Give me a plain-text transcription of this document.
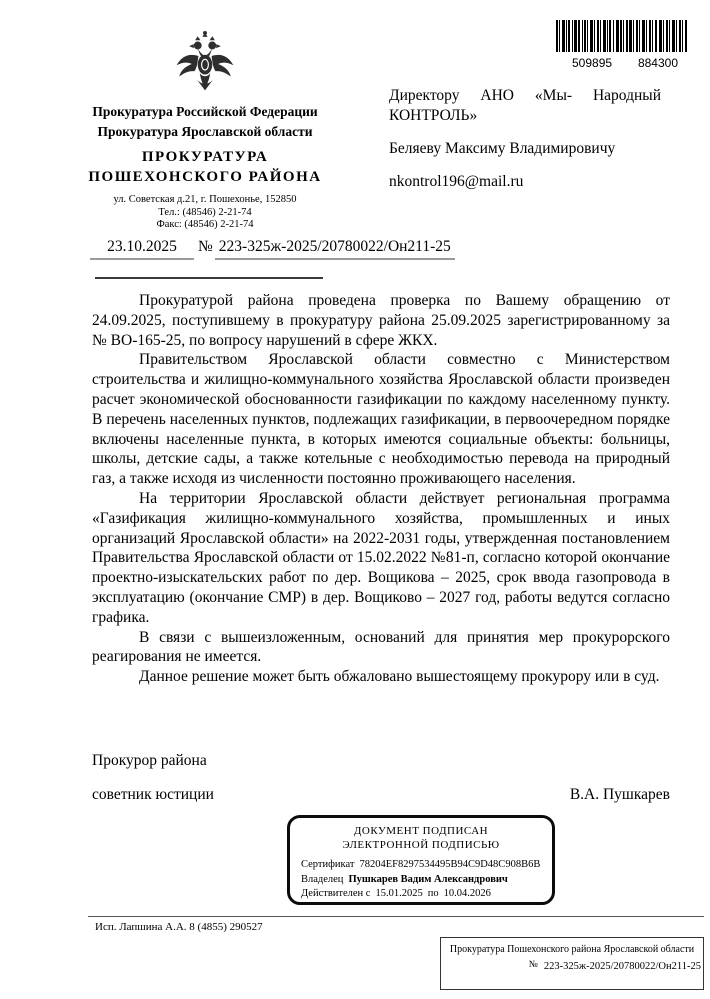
Прокуратура Российской Федерации
Прокуратура Ярославской области
ПРОКУРАТУРА
ПОШЕХОНСКОГО РАЙОНА
ул. Советская д.21, г. Пошехонье, 152850
Тел.: (48546) 2-21-74
Факс: (48546) 2-21-74
509895 884300

Директору АНО «Мы- Народный КОНТРОЛЬ»

Беляеву Максиму Владимировичу

nkontrol196@mail.ru

23.10.2025 № 223-325ж-2025/20780022/Он211-25

Прокуратурой района проведена проверка по Вашему обращению от 24.09.2025, поступившему в прокуратуру района 25.09.2025 зарегистрированному за № ВО-165-25, по вопросу нарушений в сфере ЖКХ.

Правительством Ярославской области совместно с Министерством строительства и жилищно-коммунального хозяйства Ярославской области произведен расчет экономической обоснованности газификации по каждому населенному пункту. В перечень населенных пунктов, подлежащих газификации, в первоочередном порядке включены населенные пункта, в которых имеются социальные объекты: больницы, школы, детские сады, а также котельные с необходимостью перевода на природный газ, а также исходя из численности постоянно проживающего населения.

На территории Ярославской области действует региональная программа «Газификация жилищно-коммунального хозяйства, промышленных и иных организаций Ярославской области» на 2022-2031 годы, утвержденная постановлением Правительства Ярославской области от 15.02.2022 №81-п, согласно которой окончание проектно-изыскательских работ по дер. Вощикова – 2025, срок ввода газопровода в эксплуатацию (окончание СМР) в дер. Вощиково – 2027 год, работы ведутся согласно графика.

В связи с вышеизложенным, оснований для принятия мер прокурорского реагирования не имеется.

Данное решение может быть обжаловано вышестоящему прокурору или в суд.

Прокурор района
советник юстиции	В.А. Пушкарев
ДОКУМЕНТ ПОДПИСАН
ЭЛЕКТРОННОЙ ПОДПИСЬЮ
Сертификат 78204EF8297534495B94C9D48C908B6B
Владелец Пушкарев Вадим Александрович
Действителен с 15.01.2025 по 10.04.2026
Исп. Лапшина А.А. 8 (4855) 290527
Прокуратура Пошехонского района Ярославской области
№ 223-325ж-2025/20780022/Он211-25
